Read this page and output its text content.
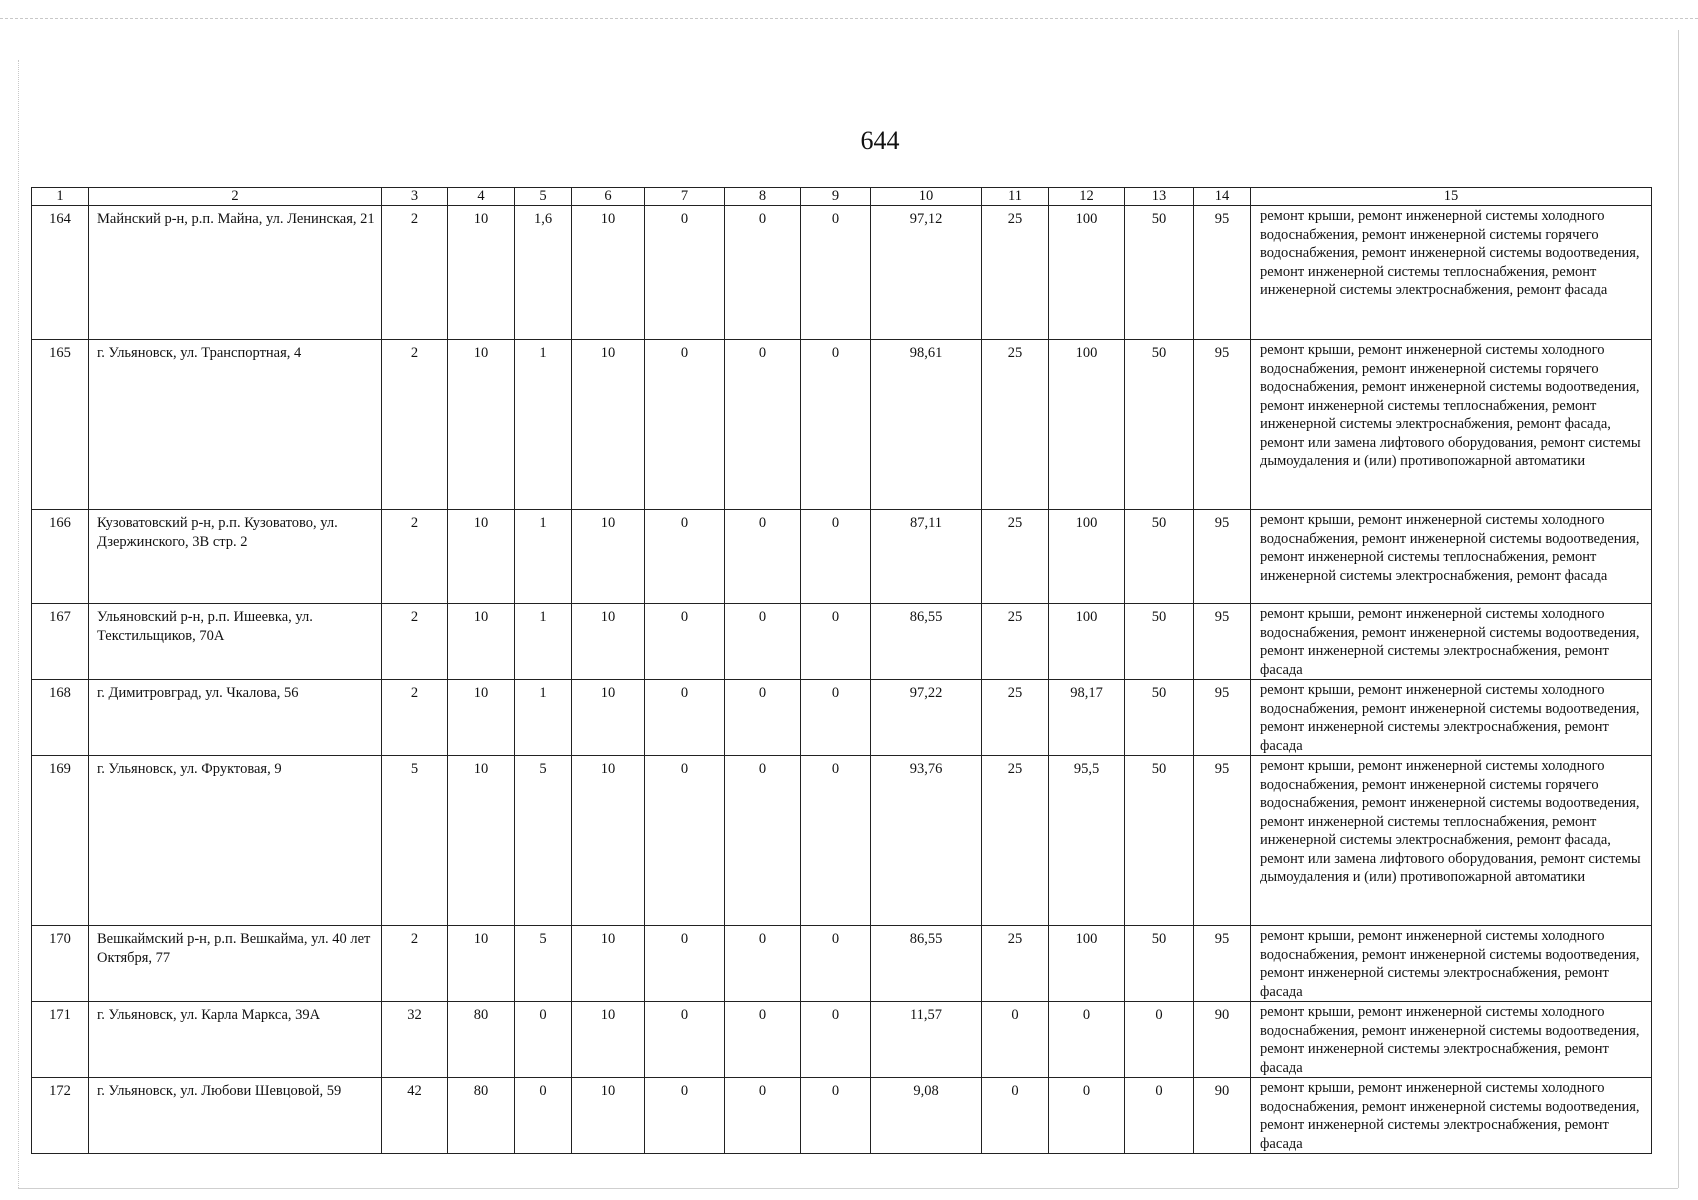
644
1	2	3	4	5	6	7	8	9	10	11	12	13	14	15
164	Майнский р-н, р.п. Майна, ул. Ленинская, 21	2	10	1,6	10	0	0	0	97,12	25	100	50	95	ремонт крыши, ремонт инженерной системы холодного водоснабжения, ремонт инженерной системы горячего водоснабжения, ремонт инженерной системы водоотведения, ремонт инженерной системы теплоснабжения, ремонт инженерной системы электроснабжения, ремонт фасада
165	г. Ульяновск, ул. Транспортная, 4	2	10	1	10	0	0	0	98,61	25	100	50	95	ремонт крыши, ремонт инженерной системы холодного водоснабжения, ремонт инженерной системы горячего водоснабжения, ремонт инженерной системы водоотведения, ремонт инженерной системы теплоснабжения, ремонт инженерной системы электроснабжения, ремонт фасада, ремонт или замена лифтового оборудования, ремонт системы дымоудаления и (или) противопожарной автоматики
166	Кузоватовский р-н, р.п. Кузоватово, ул. Дзержинского, 3В стр. 2	2	10	1	10	0	0	0	87,11	25	100	50	95	ремонт крыши, ремонт инженерной системы холодного водоснабжения, ремонт инженерной системы водоотведения, ремонт инженерной системы теплоснабжения, ремонт инженерной системы электроснабжения, ремонт фасада
167	Ульяновский р-н, р.п. Ишеевка, ул. Текстильщиков, 70А	2	10	1	10	0	0	0	86,55	25	100	50	95	ремонт крыши, ремонт инженерной системы холодного водоснабжения, ремонт инженерной системы водоотведения, ремонт инженерной системы электроснабжения, ремонт фасада
168	г. Димитровград, ул. Чкалова, 56	2	10	1	10	0	0	0	97,22	25	98,17	50	95	ремонт крыши, ремонт инженерной системы холодного водоснабжения, ремонт инженерной системы водоотведения, ремонт инженерной системы электроснабжения, ремонт фасада
169	г. Ульяновск, ул. Фруктовая, 9	5	10	5	10	0	0	0	93,76	25	95,5	50	95	ремонт крыши, ремонт инженерной системы холодного водоснабжения, ремонт инженерной системы горячего водоснабжения, ремонт инженерной системы водоотведения, ремонт инженерной системы теплоснабжения, ремонт инженерной системы электроснабжения, ремонт фасада, ремонт или замена лифтового оборудования, ремонт системы дымоудаления и (или) противопожарной автоматики
170	Вешкаймский р-н, р.п. Вешкайма, ул. 40 лет Октября, 77	2	10	5	10	0	0	0	86,55	25	100	50	95	ремонт крыши, ремонт инженерной системы холодного водоснабжения, ремонт инженерной системы водоотведения, ремонт инженерной системы электроснабжения, ремонт фасада
171	г. Ульяновск, ул. Карла Маркса, 39А	32	80	0	10	0	0	0	11,57	0	0	0	90	ремонт крыши, ремонт инженерной системы холодного водоснабжения, ремонт инженерной системы водоотведения, ремонт инженерной системы электроснабжения, ремонт фасада
172	г. Ульяновск, ул. Любови Шевцовой, 59	42	80	0	10	0	0	0	9,08	0	0	0	90	ремонт крыши, ремонт инженерной системы холодного водоснабжения, ремонт инженерной системы водоотведения, ремонт инженерной системы электроснабжения, ремонт фасада
